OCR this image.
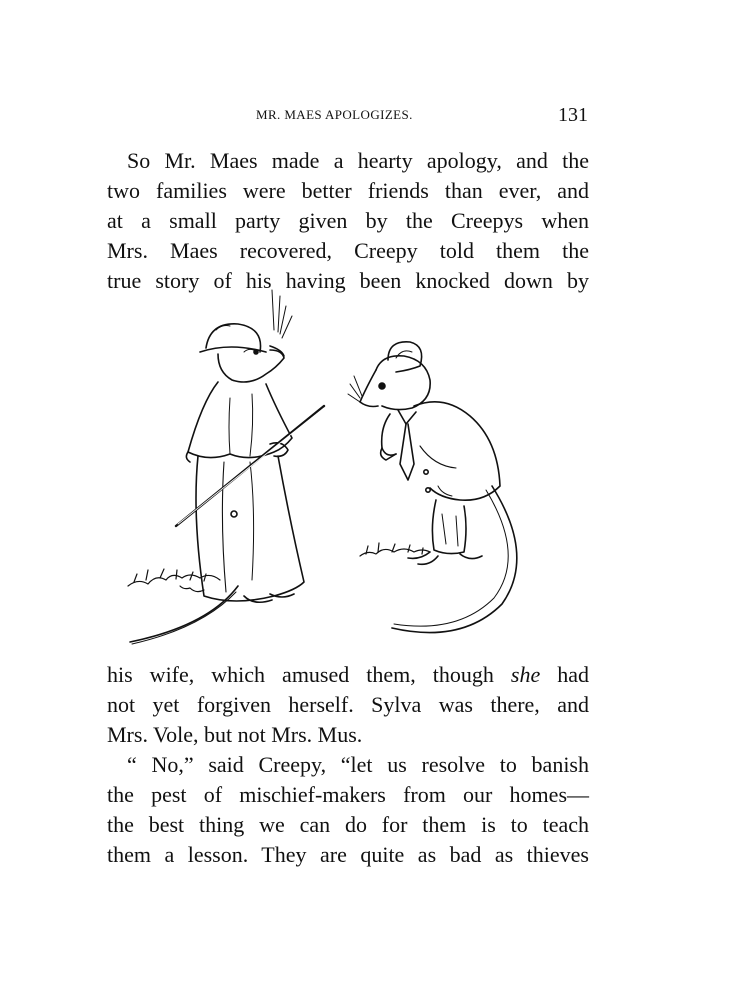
MR. MAES APOLOGIZES.	131
So Mr. Maes made a hearty apology, and the
two families were better friends than ever, and
at a small party given by the Creepys when
Mrs. Maes recovered, Creepy told them the
true story of his having been knocked down by
his wife, which amused them, though she had
not yet forgiven herself. Sylva was there, and
Mrs. Vole, but not Mrs. Mus.
“ No,” said Creepy, “let us resolve to banish
the pest of mischief-makers from our homes—
the best thing we can do for them is to teach
them a lesson. They are quite as bad as thieves
